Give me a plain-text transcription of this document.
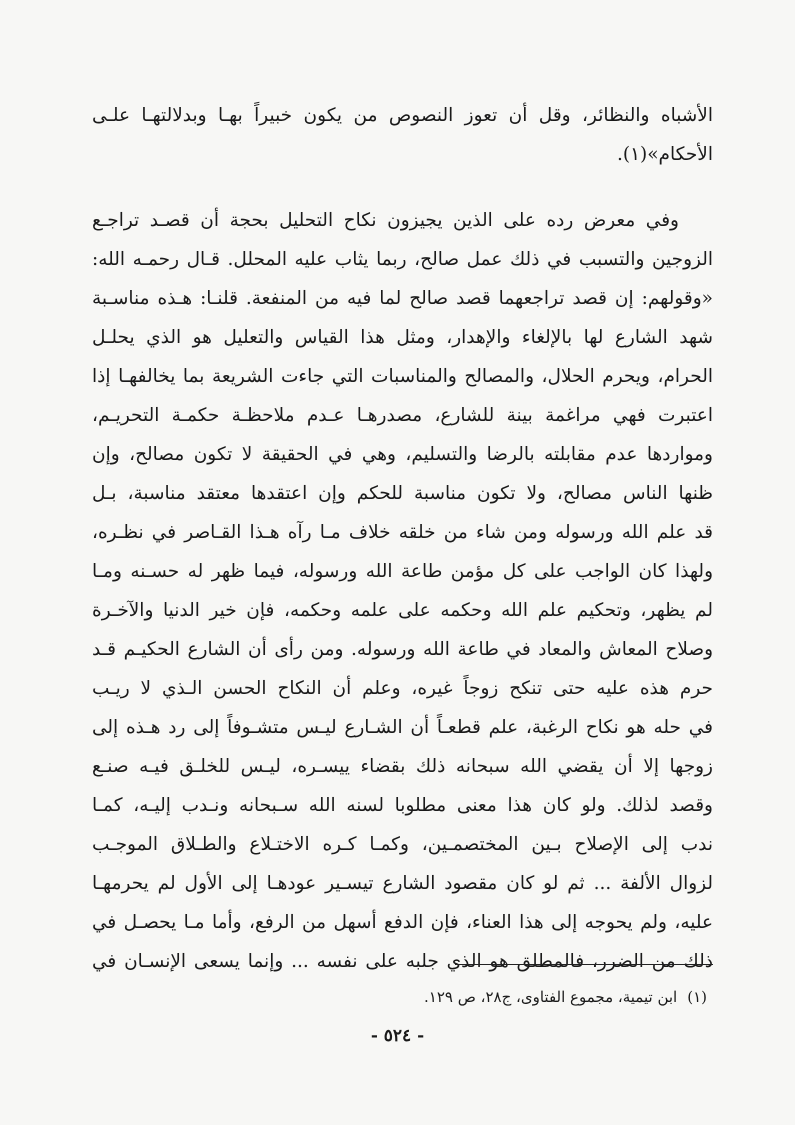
الأشباه والنظائر، وقل أن تعوز النصوص من يكون خبيراً بهـا وبدلالتهـا علـى
الأحكام»(١).
وفي معرض رده على الذين يجيزون نكاح التحليل بحجة أن قصـد تراجـع
الزوجين والتسبب في ذلك عمل صالح، ربما يثاب عليه المحلل. قـال رحمـه الله:
«وقولهم: إن قصد تراجعهما قصد صالح لما فيه من المنفعة. قلنـا: هـذه مناسـبة
شهد الشارع لها بالإلغاء والإهدار، ومثل هذا القياس والتعليل هو الذي يحلـل
الحرام، ويحرم الحلال، والمصالح والمناسبات التي جاءت الشريعة بما يخالفهـا إذا
اعتبرت فهي مراغمة بينة للشارع، مصدرهـا عـدم ملاحظـة حكمـة التحريـم،
ومواردها عدم مقابلته بالرضا والتسليم، وهي في الحقيقة لا تكون مصالح، وإن
ظنها الناس مصالح، ولا تكون مناسبة للحكم وإن اعتقدها معتقد مناسبة، بـل
قد علم الله ورسوله ومن شاء من خلقه خلاف مـا رآه هـذا القـاصر في نظـره،
ولهذا كان الواجب على كل مؤمن طاعة الله ورسوله، فيما ظهر له حسـنه ومـا
لم يظهر، وتحكيم علم الله وحكمه على علمه وحكمه، فإن خير الدنيا والآخـرة
وصلاح المعاش والمعاد في طاعة الله ورسوله. ومن رأى أن الشارع الحكيـم قـد
حرم هذه عليه حتى تنكح زوجاً غيره، وعلم أن النكاح الحسن الـذي لا ريـب
في حله هو نكاح الرغبة، علم قطعـاً أن الشـارع ليـس متشـوفاً إلى رد هـذه إلى
زوجها إلا أن يقضي الله سبحانه ذلك بقضاء ييسـره، ليـس للخلـق فيـه صنـع
وقصد لذلك. ولو كان هذا معنى مطلوبا لسنه الله سـبحانه ونـدب إليـه، كمـا
ندب إلى الإصلاح بـين المختصمـين، وكمـا كـره الاختـلاع والطـلاق الموجـب
لزوال الألفة ... ثم لو كان مقصود الشارع تيسـير عودهـا إلى الأول لم يحرمهـا
عليه، ولم يحوجه إلى هذا العناء، فإن الدفع أسهل من الرفع، وأما مـا يحصـل في
ذلك من الضرر، فالمطلق هو الذي جلبه على نفسه ... وإنما يسعى الإنسـان في
(١)ابن تيمية، مجموع الفتاوى، ج٢٨، ص ١٢٩.
- ٥٢٤ -
